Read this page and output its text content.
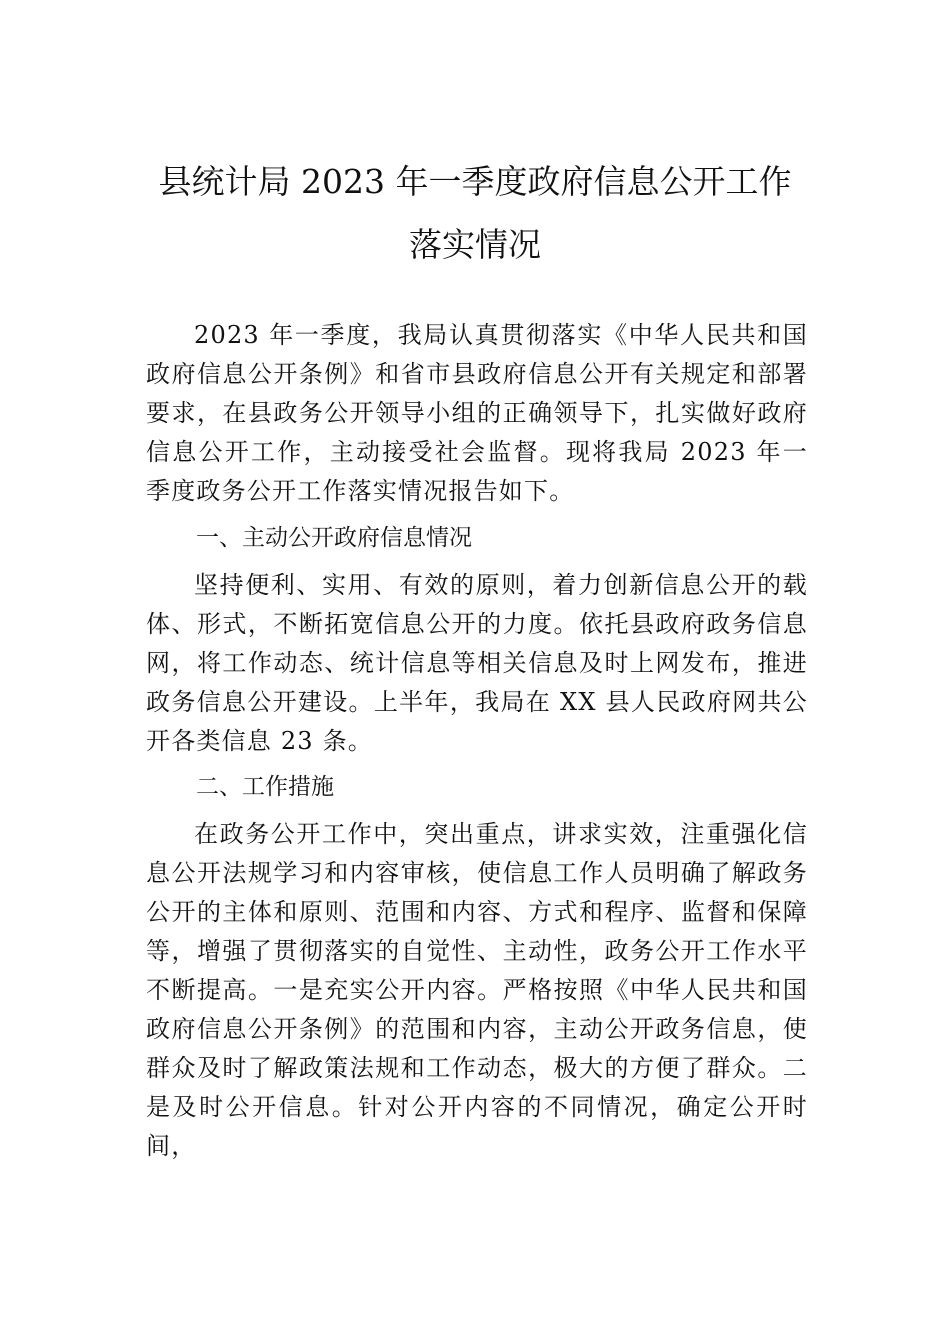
县统计局 2023 年一季度政府信息公开工作
落实情况

2023 年一季度，我局认真贯彻落实《中华人民共和国政府信息公开条例》和省市县政府信息公开有关规定和部署要求，在县政务公开领导小组的正确领导下，扎实做好政府信息公开工作，主动接受社会监督。现将我局 2023 年一季度政务公开工作落实情况报告如下。

一、主动公开政府信息情况

坚持便利、实用、有效的原则，着力创新信息公开的载体、形式，不断拓宽信息公开的力度。依托县政府政务信息网，将工作动态、统计信息等相关信息及时上网发布，推进政务信息公开建设。上半年，我局在 XX 县人民政府网共公开各类信息 23 条。

二、工作措施

在政务公开工作中，突出重点，讲求实效，注重强化信息公开法规学习和内容审核，使信息工作人员明确了解政务公开的主体和原则、范围和内容、方式和程序、监督和保障等，增强了贯彻落实的自觉性、主动性，政务公开工作水平不断提高。一是充实公开内容。严格按照《中华人民共和国政府信息公开条例》的范围和内容，主动公开政务信息，使群众及时了解政策法规和工作动态，极大的方便了群众。二是及时公开信息。针对公开内容的不同情况，确定公开时间，
